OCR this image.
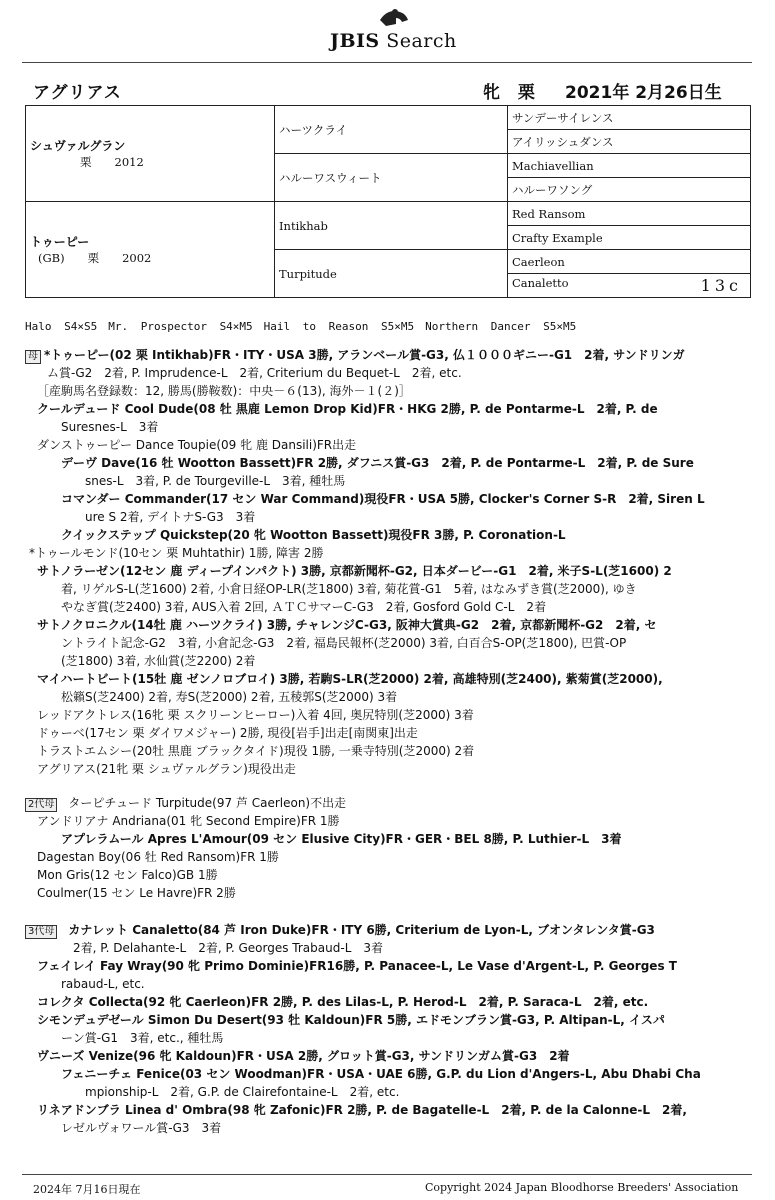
JBIS Search
アグリアス	牝 栗 2021年 2月26日生
シュヴァルグラン
栗　　2012	ハーツクライ	サンデーサイレンス
		アイリッシュダンス
	ハルーワスウィート	Machiavellian
		ハルーワソング

トゥーピー
(GB)　　栗　　2002	Intikhab	Red Ransom
		Crafty Example
	Turpitude	Caerleon
		Canaletto 13c
Halo S4×S5　Mr. Prospector S4×M5　Hail to Reason S5×M5　Northern Dancer S5×M5
母 *トゥーピー(02 栗 Intikhab)FR・ITY・USA 3勝, アランベール賞-G3, 仏１０００ギニー-G1　2着, サンドリンガ
ム賞-G2　2着, P. Imprudence-L　2着, Criterium du Bequet-L　2着, etc.
［産駒馬名登録数：12, 勝馬(勝鞍数)：中央－６(13), 海外－１(２)］
クールデュード Cool Dude(08 牡 黒鹿 Lemon Drop Kid)FR・HKG 2勝, P. de Pontarme-L　2着, P. de
Suresnes-L　3着
ダンストゥーピー Dance Toupie(09 牝 鹿 Dansili)FR出走
デーヴ Dave(16 牡 Wootton Bassett)FR 2勝, ダフニス賞-G3　2着, P. de Pontarme-L　2着, P. de Sure
snes-L　3着, P. de Tourgeville-L　3着, 種牡馬
コマンダー Commander(17 セン War Command)現役FR・USA 5勝, Clocker's Corner S-R　2着, Siren L
ure S 2着, デイトナS-G3　3着
クイックステップ Quickstep(20 牝 Wootton Bassett)現役FR 3勝, P. Coronation-L
*トゥールモンド(10セン 栗 Muhtathir) 1勝, 障害 2勝
サトノラーゼン(12セン 鹿 ディープインパクト) 3勝, 京都新聞杯-G2, 日本ダービー-G1　2着, 米子S-L(芝1600) 2
着, リゲルS-L(芝1600) 2着, 小倉日経OP-LR(芝1800) 3着, 菊花賞-G1　5着, はなみずき賞(芝2000), ゆき
やなぎ賞(芝2400) 3着, AUS入着 2回, ＡＴＣサマーC-G3　2着, Gosford Gold C-L　2着
サトノクロニクル(14牡 鹿 ハーツクライ) 3勝, チャレンジC-G3, 阪神大賞典-G2　2着, 京都新聞杯-G2　2着, セ
ントライト記念-G2　3着, 小倉記念-G3　2着, 福島民報杯(芝2000) 3着, 白百合S-OP(芝1800), 巴賞-OP
(芝1800) 3着, 水仙賞(芝2200) 2着
マイハートビート(15牡 鹿 ゼンノロブロイ) 3勝, 若駒S-LR(芝2000) 2着, 高雄特別(芝2400), 紫菊賞(芝2000),
松籟S(芝2400) 2着, 寿S(芝2000) 2着, 五稜郭S(芝2000) 3着
レッドアクトレス(16牝 栗 スクリーンヒーロー)入着 4回, 奥尻特別(芝2000) 3着
ドゥーベ(17セン 栗 ダイワメジャー) 2勝, 現役[岩手]出走[南関東]出走
トラストエムシー(20牡 黒鹿 ブラックタイド)現役 1勝, 一乗寺特別(芝2000) 2着
アグリアス(21牝 栗 シュヴァルグラン)現役出走
2代母 ターピチュード Turpitude(97 芦 Caerleon)不出走
アンドリアナ Andriana(01 牝 Second Empire)FR 1勝
アプレラムール Apres L'Amour(09 セン Elusive City)FR・GER・BEL 8勝, P. Luthier-L　3着
Dagestan Boy(06 牡 Red Ransom)FR 1勝
Mon Gris(12 セン Falco)GB 1勝
Coulmer(15 セン Le Havre)FR 2勝
3代母 カナレット Canaletto(84 芦 Iron Duke)FR・ITY 6勝, Criterium de Lyon-L, ブオンタレンタ賞-G3
2着, P. Delahante-L　2着, P. Georges Trabaud-L　3着
フェイレイ Fay Wray(90 牝 Primo Dominie)FR16勝, P. Panacee-L, Le Vase d'Argent-L, P. Georges T
rabaud-L, etc.
コレクタ Collecta(92 牝 Caerleon)FR 2勝, P. des Lilas-L, P. Herod-L　2着, P. Saraca-L　2着, etc.
シモンデュデゼール Simon Du Desert(93 牡 Kaldoun)FR 5勝, エドモンブラン賞-G3, P. Altipan-L, イスパ
ーン賞-G1　3着, etc., 種牡馬
ヴニーズ Venize(96 牝 Kaldoun)FR・USA 2勝, グロット賞-G3, サンドリンガム賞-G3　2着
フェニーチェ Fenice(03 セン Woodman)FR・USA・UAE 6勝, G.P. du Lion d'Angers-L, Abu Dhabi Cha
mpionship-L　2着, G.P. de Clairefontaine-L　2着, etc.
リネアドンブラ Linea d' Ombra(98 牝 Zafonic)FR 2勝, P. de Bagatelle-L　2着, P. de la Calonne-L　2着,
レゼルヴォワール賞-G3　3着
2024年 7月16日現在	Copyright 2024 Japan Bloodhorse Breeders' Association
